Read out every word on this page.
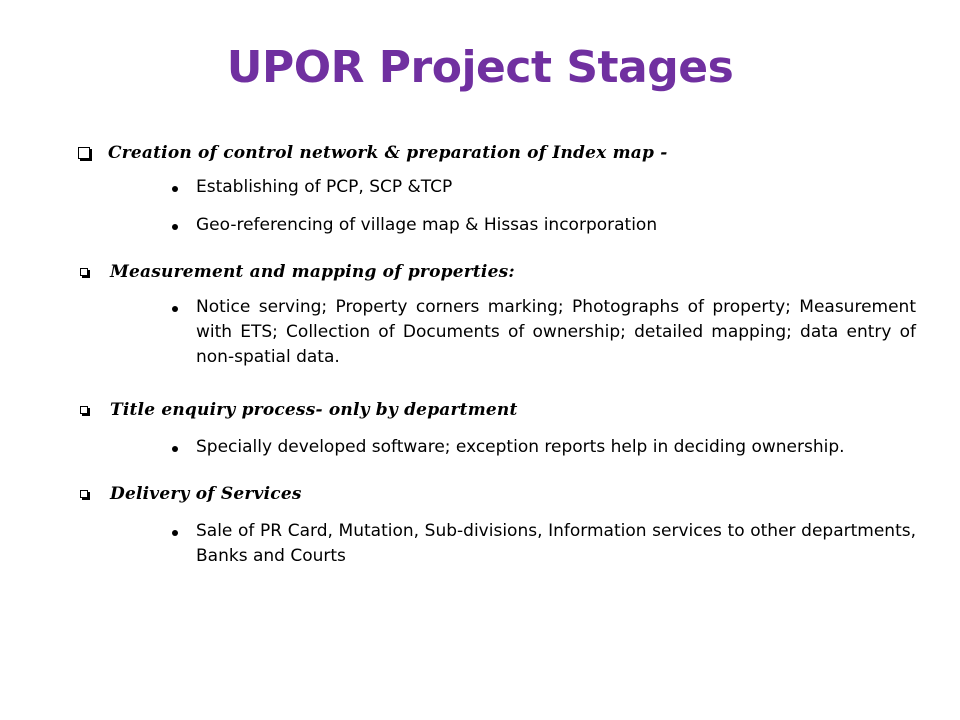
UPOR Project Stages
Creation of control network & preparation of Index map -
Establishing of PCP, SCP &TCP
Geo-referencing of village map & Hissas incorporation
Measurement and mapping of properties:
Notice serving; Property corners marking; Photographs of property; Measurement with ETS; Collection of Documents of ownership; detailed mapping; data entry of non-spatial data.
Title enquiry process- only by department
Specially developed software; exception reports help in deciding ownership.
Delivery of Services
Sale of PR Card, Mutation, Sub-divisions, Information services to other departments, Banks and Courts
